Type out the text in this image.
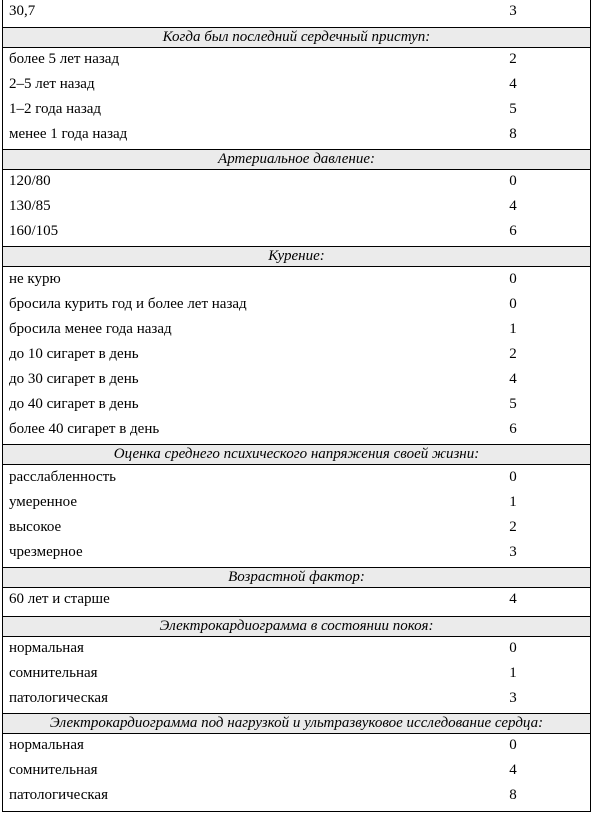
30,7	3
Когда был последний сердечный приступ:
более 5 лет назад	2
2–5 лет назад	4
1–2 года назад	5
менее 1 года назад	8
Артериальное давление:
120/80	0
130/85	4
160/105	6
Курение:
не курю	0
бросила курить год и более лет назад	0
бросила менее года назад	1
до 10 сигарет в день	2
до 30 сигарет в день	4
до 40 сигарет в день	5
более 40 сигарет в день	6
Оценка среднего психического напряжения своей жизни:
расслабленность	0
умеренное	1
высокое	2
чрезмерное	3
Возрастной фактор:
60 лет и старше	4
Электрокардиограмма в состоянии покоя:
нормальная	0
сомнительная	1
патологическая	3
Электрокардиограмма под нагрузкой и ультразвуковое исследование сердца:
нормальная	0
сомнительная	4
патологическая	8
